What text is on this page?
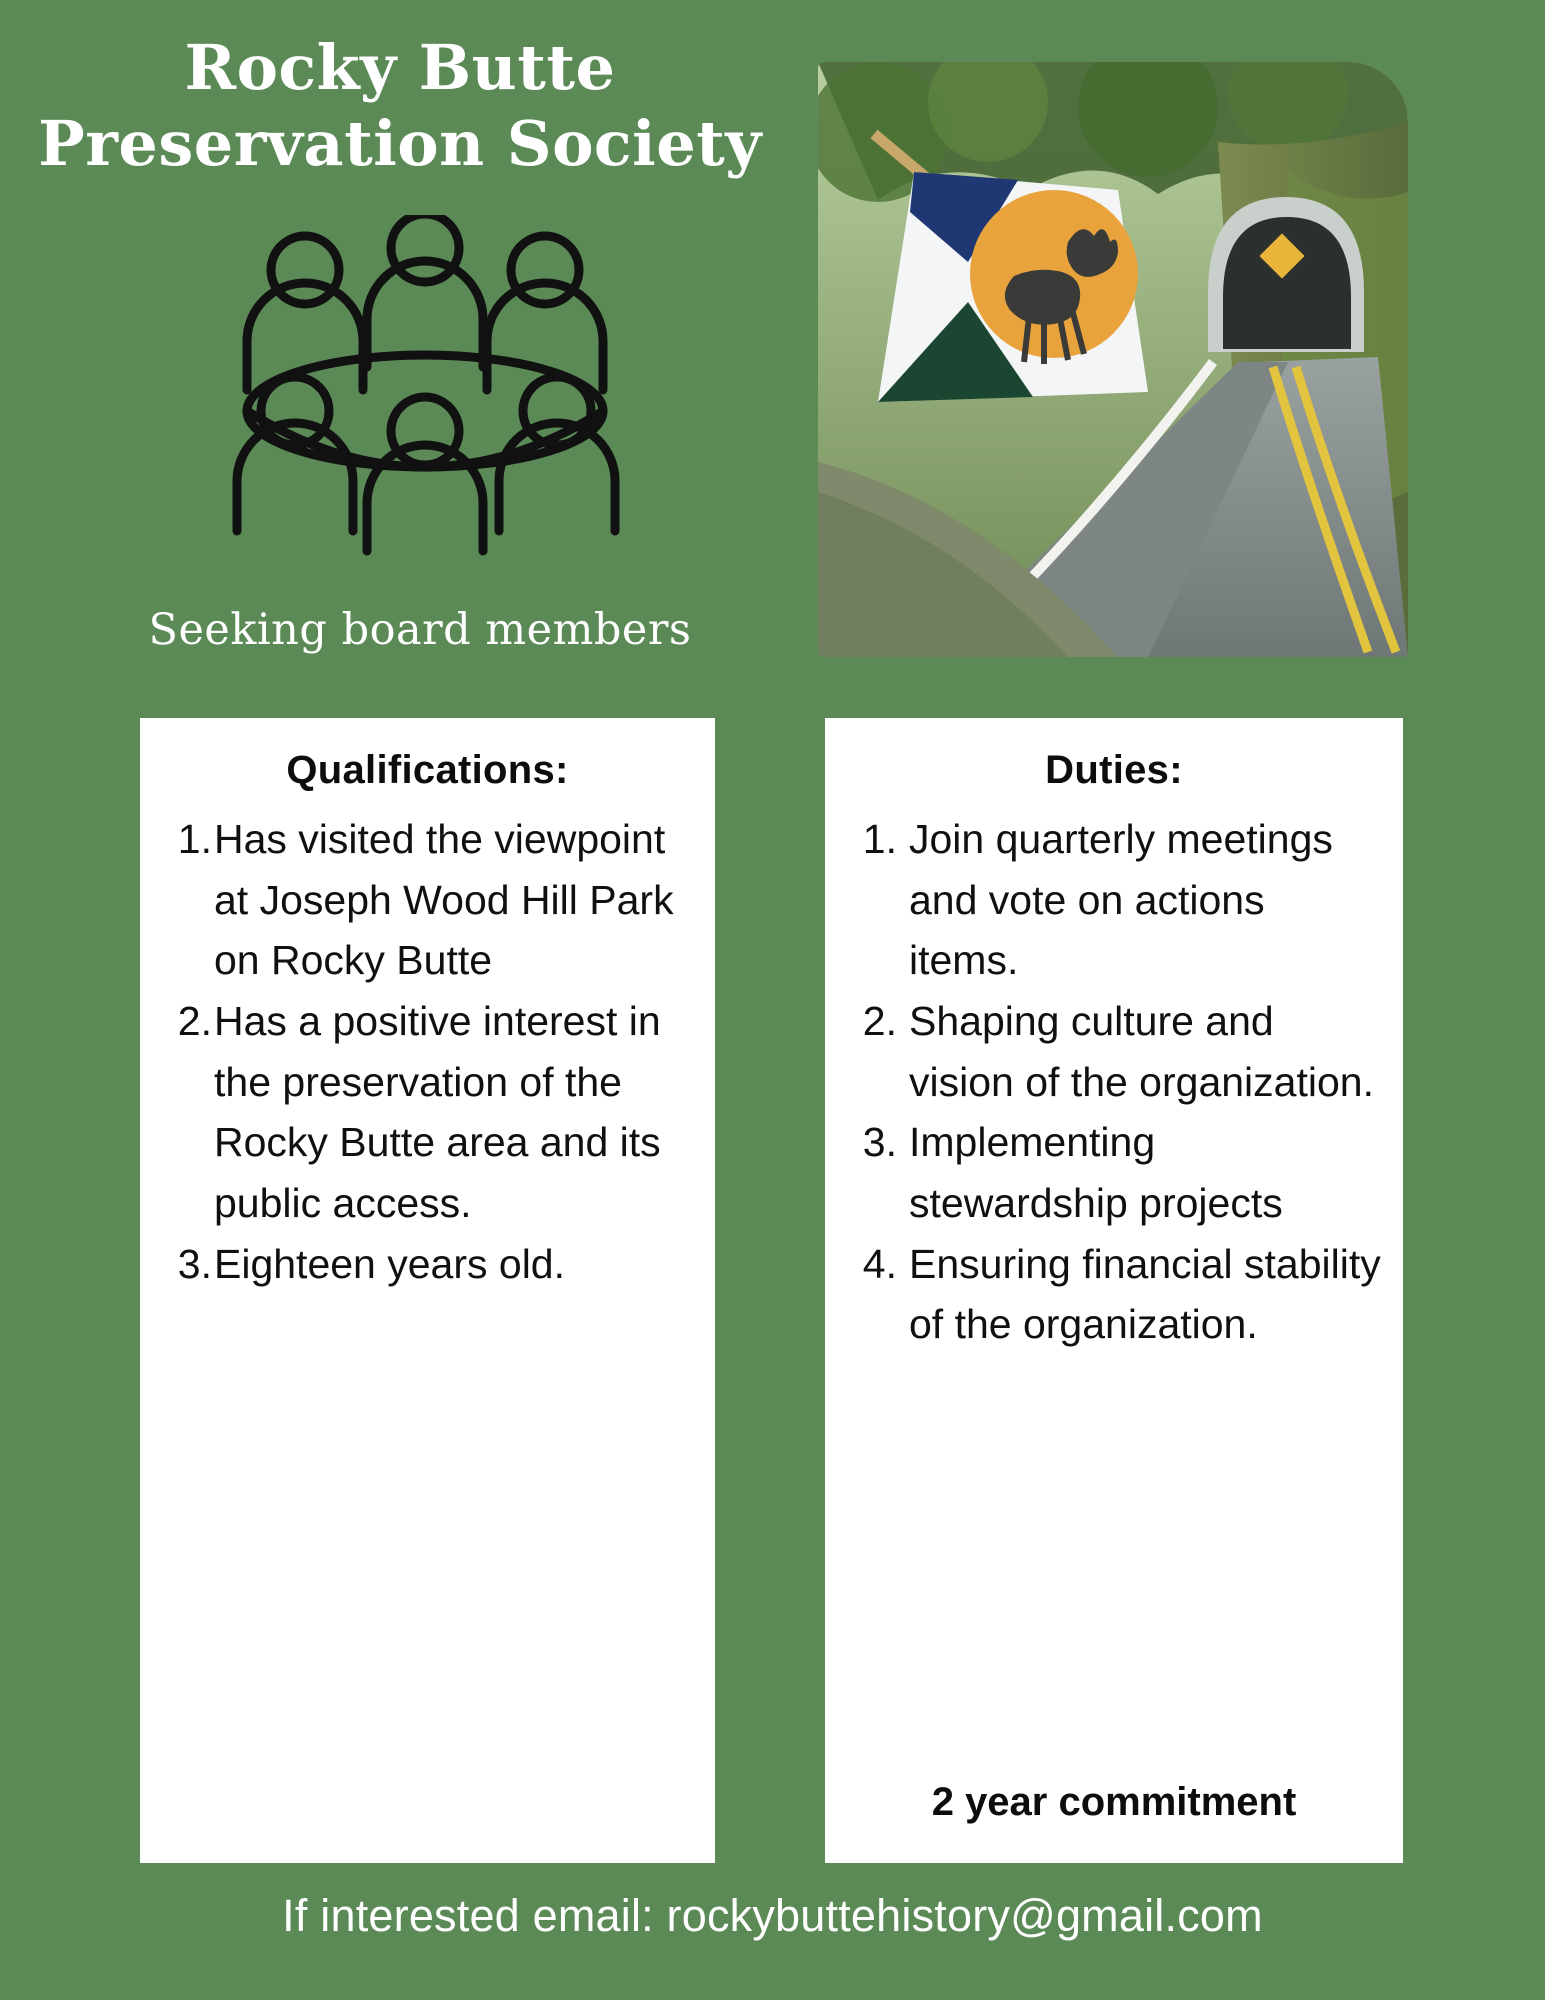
Rocky Butte
Preservation Society
Seeking board members
Qualifications:
1. Has visited the viewpoint at Joseph Wood Hill Park on Rocky Butte
2. Has a positive interest in the preservation of the Rocky Butte area and its public access.
3. Eighteen years old.
Duties:
1. Join quarterly meetings and vote on actions items.
2. Shaping culture and vision of the organization.
3. Implementing stewardship projects
4. Ensuring financial stability of the organization.
2 year commitment
If interested email: rockybuttehistory@gmail.com
